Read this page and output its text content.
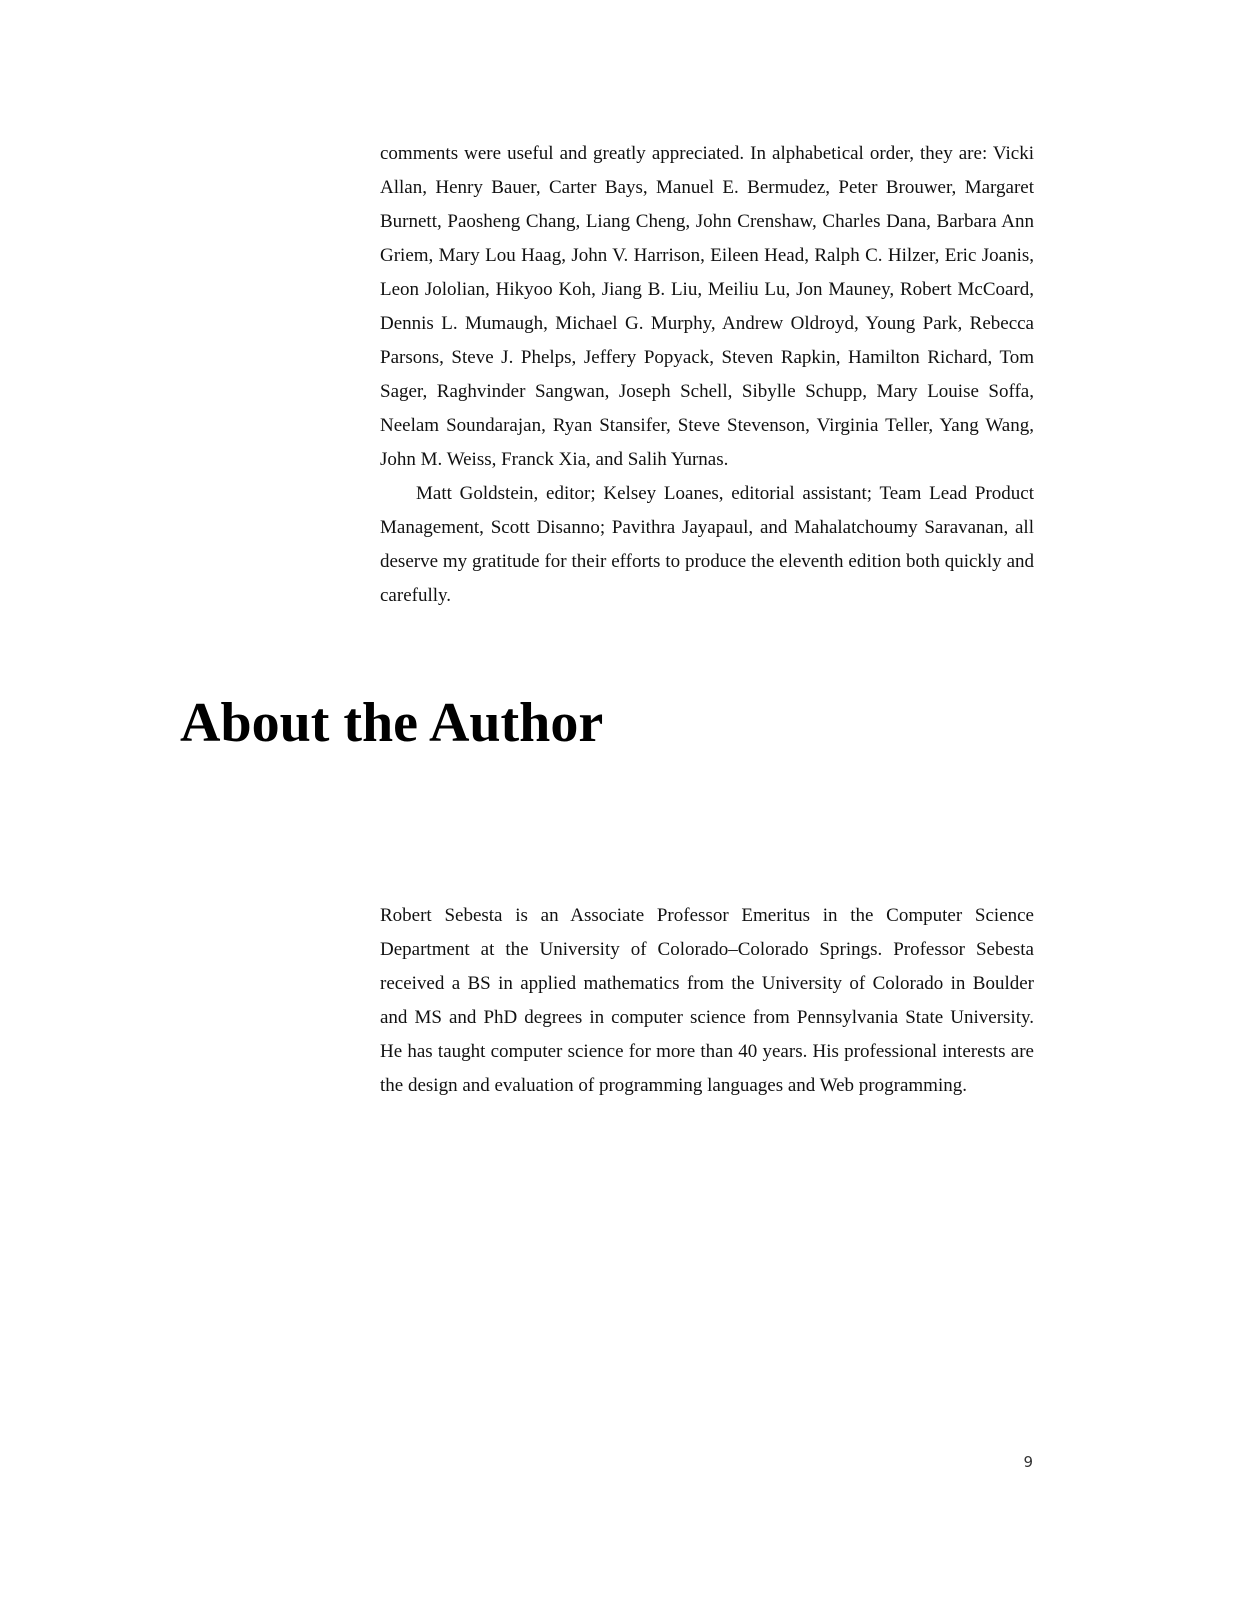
comments were useful and greatly appreciated. In alphabetical order, they are: Vicki Allan, Henry Bauer, Carter Bays, Manuel E. Bermudez, Peter Brouwer, Margaret Burnett, Paosheng Chang, Liang Cheng, John Crenshaw, Charles Dana, Barbara Ann Griem, Mary Lou Haag, John V. Harrison, Eileen Head, Ralph C. Hilzer, Eric Joanis, Leon Jololian, Hikyoo Koh, Jiang B. Liu, Meiliu Lu, Jon Mauney, Robert McCoard, Dennis L. Mumaugh, Michael G. Murphy, Andrew Oldroyd, Young Park, Rebecca Parsons, Steve J. Phelps, Jeffery Popyack, Steven Rapkin, Hamilton Richard, Tom Sager, Raghvinder Sangwan, Joseph Schell, Sibylle Schupp, Mary Louise Soffa, Neelam Soundarajan, Ryan Stansifer, Steve Stevenson, Virginia Teller, Yang Wang, John M. Weiss, Franck Xia, and Salih Yurnas.

Matt Goldstein, editor; Kelsey Loanes, editorial assistant; Team Lead Product Management, Scott Disanno; Pavithra Jayapaul, and Mahalatchoumy Saravanan, all deserve my gratitude for their efforts to produce the eleventh edition both quickly and carefully.

About the Author

Robert Sebesta is an Associate Professor Emeritus in the Computer Science Department at the University of Colorado–Colorado Springs. Professor Sebesta received a BS in applied mathematics from the University of Colorado in Boulder and MS and PhD degrees in computer science from Pennsylvania State University. He has taught computer science for more than 40 years. His professional interests are the design and evaluation of programming languages and Web programming.

9
